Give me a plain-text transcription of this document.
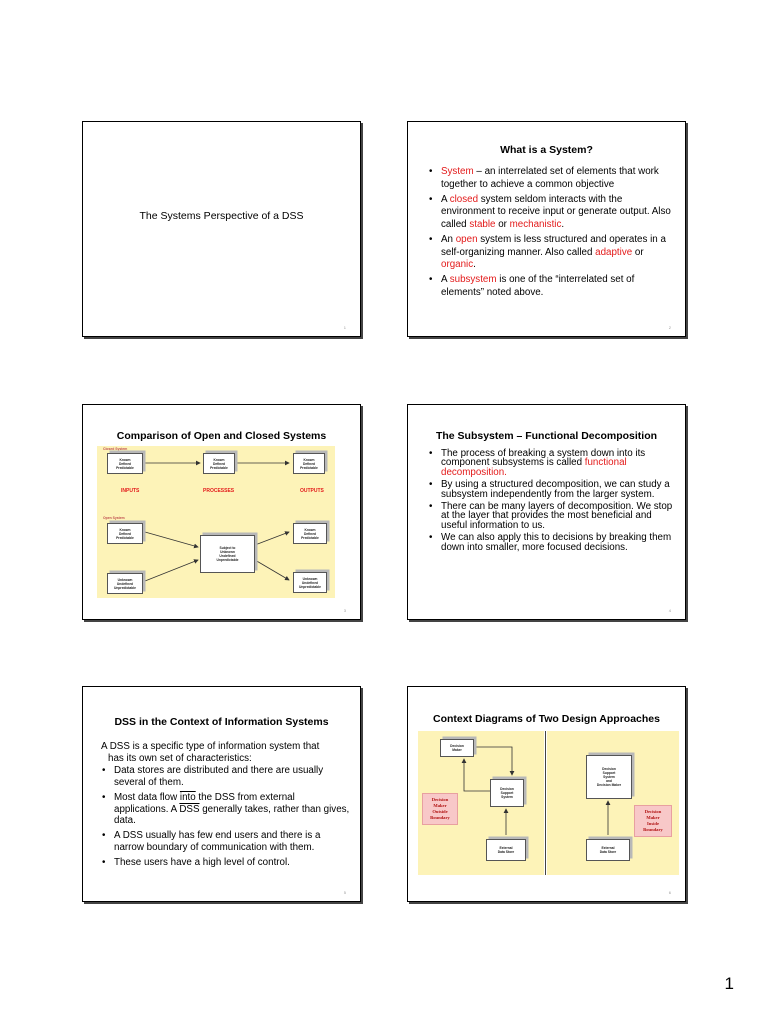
The Systems Perspective of a DSS
1
What is a System?
• System – an interrelated set of elements that work together to achieve a common objective
• A closed system seldom interacts with the environment to receive input or generate output. Also called stable or mechanistic.
• An open system is less structured and operates in a self-organizing manner. Also called adaptive or organic.
• A subsystem is one of the “interrelated set of elements” noted above.
2
Comparison of Open and Closed Systems
Closed System
Known
Defined
Predictable
Known
Defined
Predictable
Known
Defined
Predictable
INPUTS	PROCESSES	OUTPUTS
Open System
Known
Defined
Predictable
Unknown
Undefined
Unpredictable
Subject to
Unknown
Undefined
Unpredictable
Known
Defined
Predictable
Unknown
Undefined
Unpredictable
3
The Subsystem – Functional Decomposition
• The process of breaking a system down into its component subsystems is called functional decomposition.
• By using a structured decomposition, we can study a subsystem independently from the larger system.
• There can be many layers of decomposition. We stop at the layer that provides the most beneficial and useful information to us.
• We can also apply this to decisions by breaking them down into smaller, more focused decisions.
4
DSS in the Context of Information Systems
A DSS is a specific type of information system that
has its own set of characteristics:
• Data stores are distributed and there are usually several of them.
• Most data flow into the DSS from external applications. A $\overline{DSS}$ generally takes, rather than gives, data.
• A DSS usually has few end users and there is a narrow boundary of communication with them.
• These users have a high level of control.
5
Context Diagrams of Two Design Approaches
Decision
Maker
Decision
Support
System
External
Data Store
Decision
Maker
Outside
Boundary
Decision
Support
System
and
Decision Maker
External
Data Store
Decision
Maker
Inside
Boundary
6
1
